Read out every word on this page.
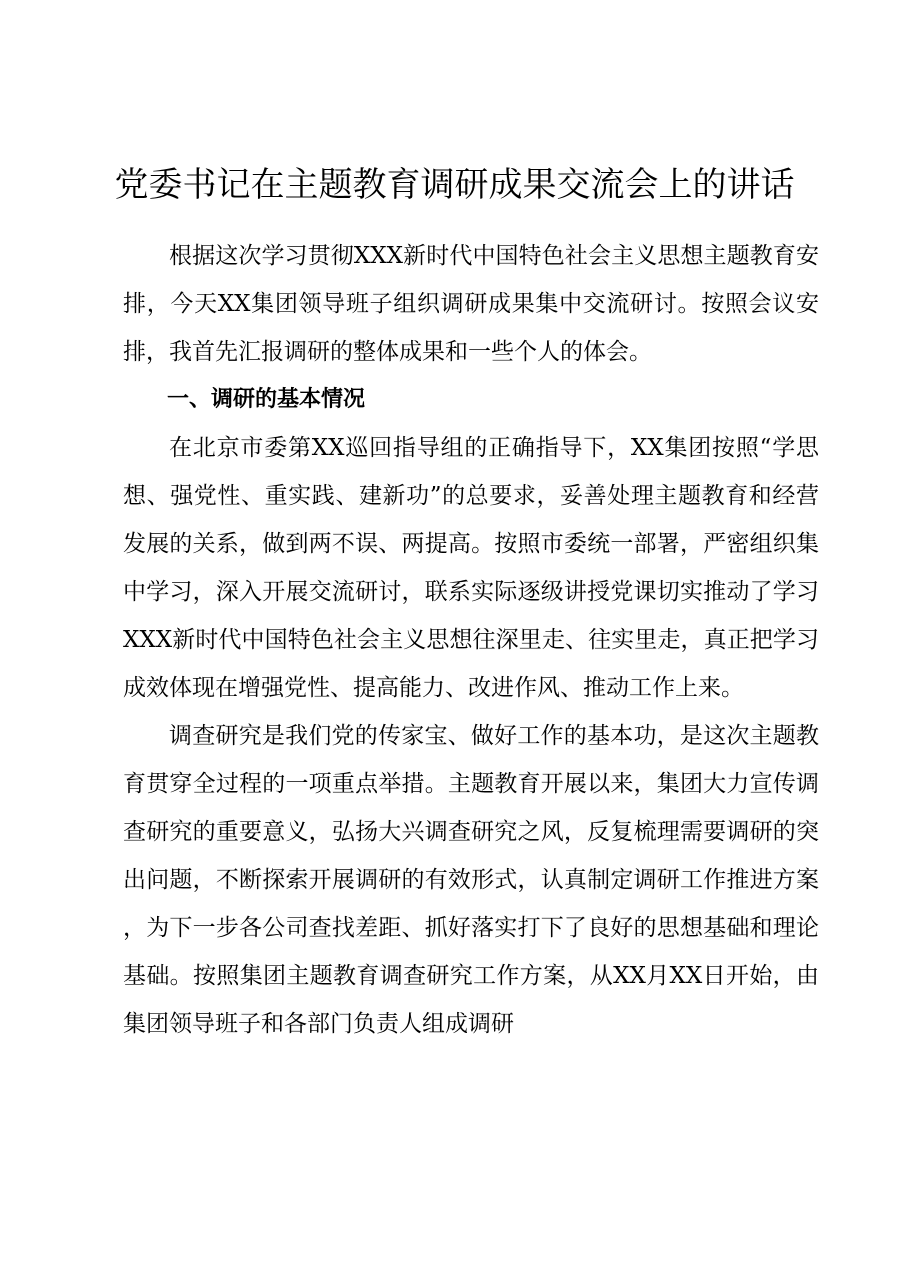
党委书记在主题教育调研成果交流会上的讲话

根据这次学习贯彻XXX新时代中国特色社会主义思想主题教育安排，今天XX集团领导班子组织调研成果集中交流研讨。按照会议安排，我首先汇报调研的整体成果和一些个人的体会。

一、调研的基本情况

在北京市委第XX巡回指导组的正确指导下，XX集团按照“学思想、强党性、重实践、建新功”的总要求，妥善处理主题教育和经营发展的关系，做到两不误、两提高。按照市委统一部署，严密组织集中学习，深入开展交流研讨，联系实际逐级讲授党课切实推动了学习XXX新时代中国特色社会主义思想往深里走、往实里走，真正把学习成效体现在增强党性、提高能力、改进作风、推动工作上来。

调查研究是我们党的传家宝、做好工作的基本功，是这次主题教育贯穿全过程的一项重点举措。主题教育开展以来，集团大力宣传调查研究的重要意义，弘扬大兴调查研究之风，反复梳理需要调研的突出问题，不断探索开展调研的有效形式，认真制定调研工作推进方案，为下一步各公司查找差距、抓好落实打下了良好的思想基础和理论基础。按照集团主题教育调查研究工作方案，从XX月XX日开始，由集团领导班子和各部门负责人组成调研
